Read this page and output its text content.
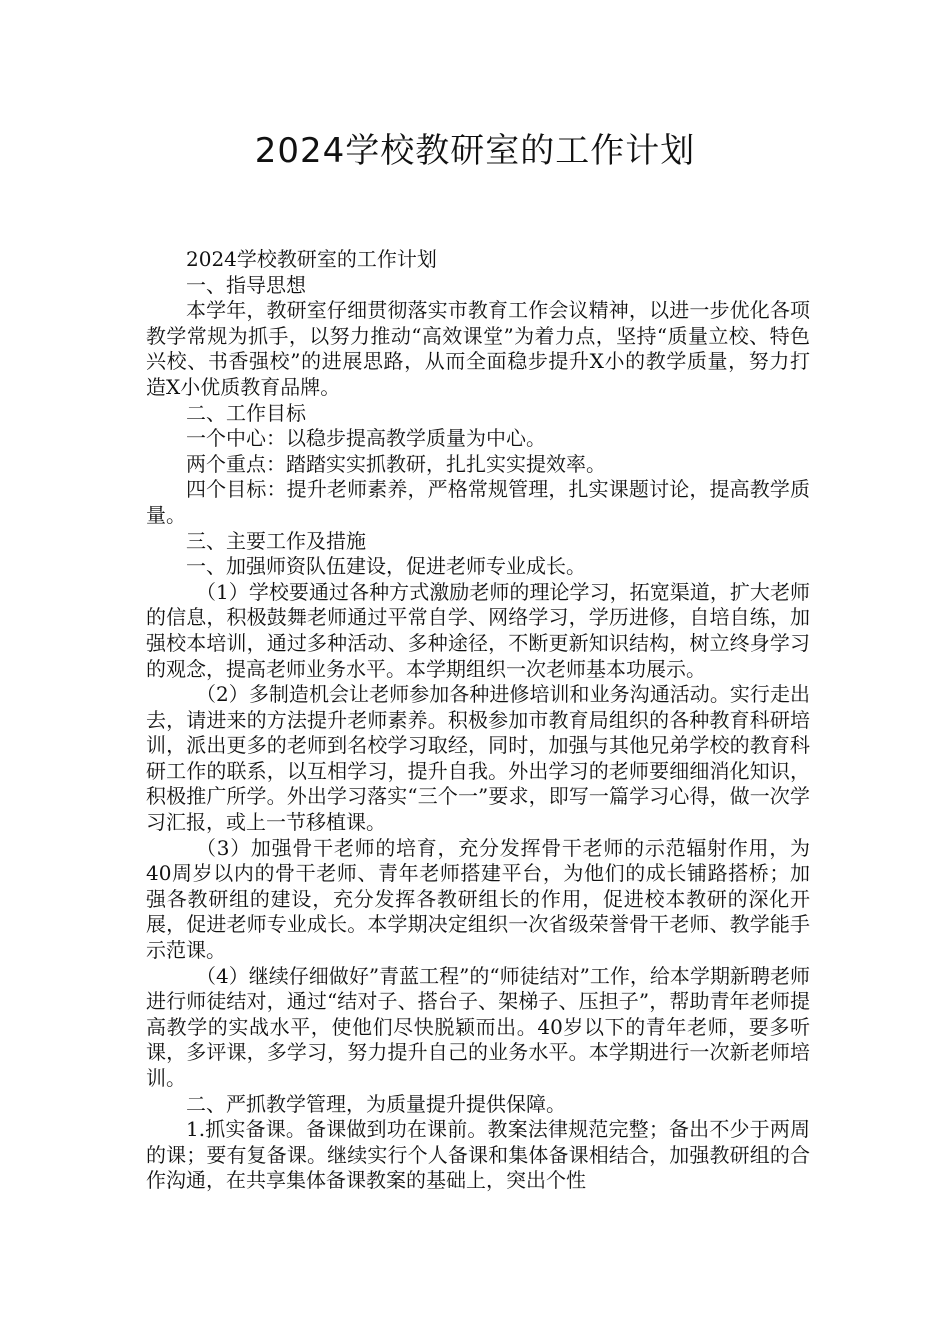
2024学校教研室的工作计划

2024学校教研室的工作计划

一、指导思想

本学年，教研室仔细贯彻落实市教育工作会议精神，以进一步优化各项教学常规为抓手，以努力推动“高效课堂”为着力点，坚持“质量立校、特色兴校、书香强校”的进展思路，从而全面稳步提升X小的教学质量，努力打造X小优质教育品牌。

二、工作目标

一个中心：以稳步提高教学质量为中心。

两个重点：踏踏实实抓教研，扎扎实实提效率。

四个目标：提升老师素养，严格常规管理，扎实课题讨论，提高教学质量。

三、主要工作及措施

一、加强师资队伍建设，促进老师专业成长。

（1）学校要通过各种方式激励老师的理论学习，拓宽渠道，扩大老师的信息，积极鼓舞老师通过平常自学、网络学习，学历进修，自培自练，加强校本培训，通过多种活动、多种途径，不断更新知识结构，树立终身学习的观念，提高老师业务水平。本学期组织一次老师基本功展示。

（2）多制造机会让老师参加各种进修培训和业务沟通活动。实行走出去，请进来的方法提升老师素养。积极参加市教育局组织的各种教育科研培训，派出更多的老师到名校学习取经，同时，加强与其他兄弟学校的教育科研工作的联系，以互相学习，提升自我。外出学习的老师要细细消化知识，积极推广所学。外出学习落实“三个一”要求，即写一篇学习心得，做一次学习汇报，或上一节移植课。

（3）加强骨干老师的培育，充分发挥骨干老师的示范辐射作用，为40周岁以内的骨干老师、青年老师搭建平台，为他们的成长铺路搭桥；加强各教研组的建设，充分发挥各教研组长的作用，促进校本教研的深化开展，促进老师专业成长。本学期决定组织一次省级荣誉骨干老师、教学能手示范课。

（4）继续仔细做好”青蓝工程”的“师徒结对”工作，给本学期新聘老师进行师徒结对，通过“结对子、搭台子、架梯子、压担子”，帮助青年老师提高教学的实战水平，使他们尽快脱颖而出。40岁以下的青年老师，要多听课，多评课，多学习，努力提升自己的业务水平。本学期进行一次新老师培训。

二、严抓教学管理，为质量提升提供保障。

1.抓实备课。备课做到功在课前。教案法律规范完整；备出不少于两周的课；要有复备课。继续实行个人备课和集体备课相结合，加强教研组的合作沟通，在共享集体备课教案的基础上，突出个性
